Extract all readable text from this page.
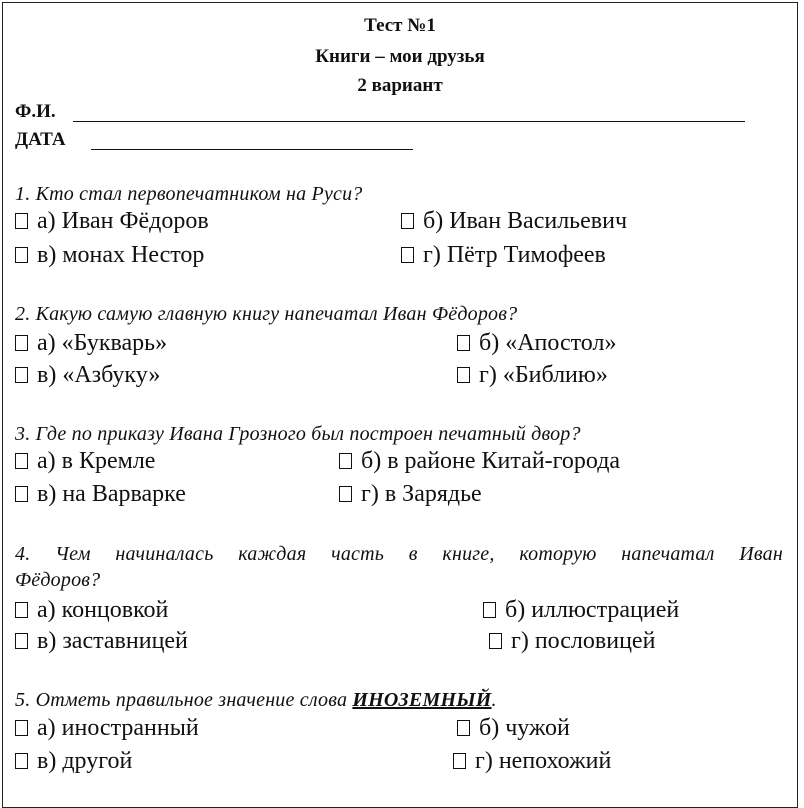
Тест №1
Книги – мои друзья
2 вариант
Ф.И.
ДАТА
1. Кто стал первопечатником на Руси?
а) Иван Фёдоров	б) Иван Васильевич
в) монах Нестор	г) Пётр Тимофеев
2. Какую самую главную книгу напечатал Иван Фёдоров?
а) «Букварь»	б) «Апостол»
в) «Азбуку»	г) «Библию»
3. Где по приказу Ивана Грозного был построен печатный двор?
а) в Кремле	б) в районе Китай-города
в) на Варварке	г) в Зарядье
4. Чем начиналась каждая часть в книге, которую напечатал Иван
Фёдоров?
а) концовкой	б) иллюстрацией
в) заставницей	г) пословицей
5. Отметь правильное значение слова ИНОЗЕМНЫЙ.
а) иностранный	б) чужой
в) другой	г) непохожий
